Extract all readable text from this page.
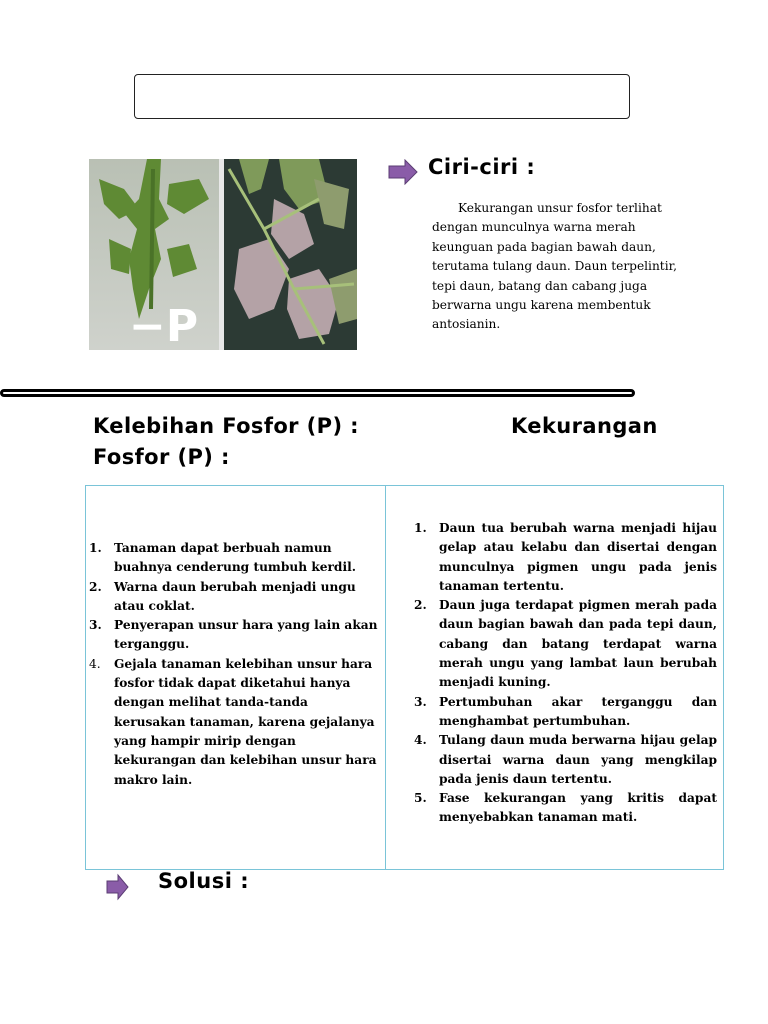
−P
Ciri-ciri :
Kekurangan unsur fosfor terlihat dengan munculnya warna merah keunguan pada bagian bawah daun, terutama tulang daun. Daun terpelintir, tepi daun, batang dan cabang juga berwarna ungu karena membentuk antosianin.
Kelebihan Fosfor (P) :	Kekurangan
Fosfor (P) :
1. Tanaman dapat berbuah namun buahnya cenderung tumbuh kerdil.
2. Warna daun berubah menjadi ungu atau coklat.
3. Penyerapan unsur hara yang lain akan terganggu.
4. Gejala tanaman kelebihan unsur hara fosfor tidak dapat diketahui hanya dengan melihat tanda-tanda kerusakan tanaman, karena gejalanya yang hampir mirip dengan kekurangan dan kelebihan unsur hara makro lain.
1. Daun tua berubah warna menjadi hijau gelap atau kelabu dan disertai dengan munculnya pigmen ungu pada jenis tanaman tertentu.
2. Daun juga terdapat pigmen merah pada daun bagian bawah dan pada tepi daun, cabang dan batang terdapat warna merah ungu yang lambat laun berubah menjadi kuning.
3. Pertumbuhan akar terganggu dan menghambat pertumbuhan.
4. Tulang daun muda berwarna hijau gelap disertai warna daun yang mengkilap pada jenis daun tertentu.
5. Fase kekurangan yang kritis dapat menyebabkan tanaman mati.
Solusi :
